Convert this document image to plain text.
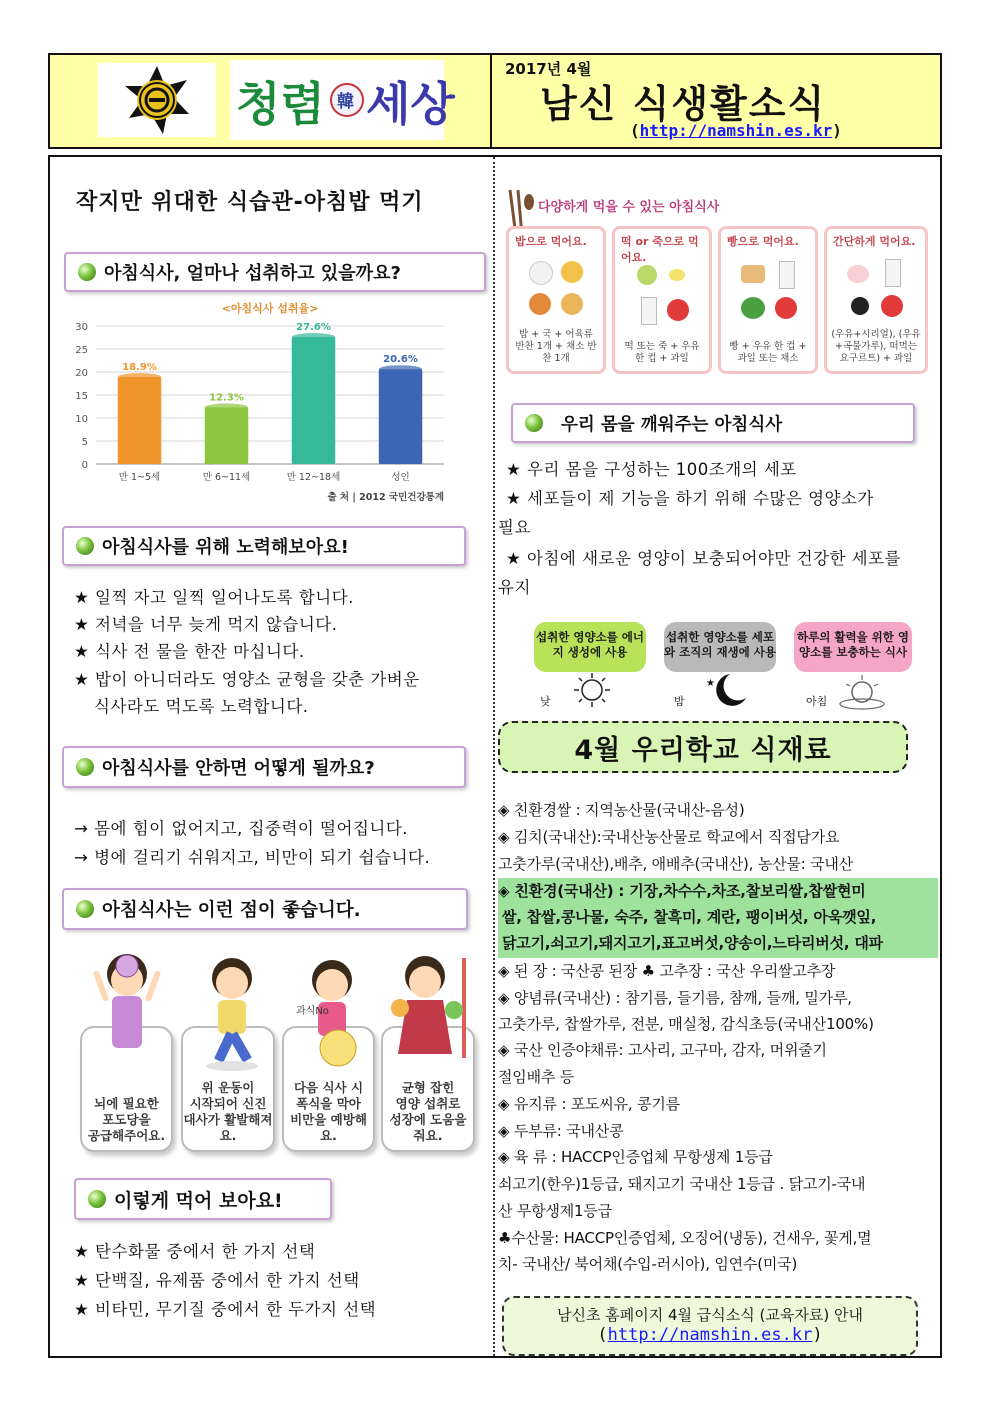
청렴 韓 세상
2017년 4월
남신 식생활소식
(http://namshin.es.kr)
작지만 위대한 식습관-아침밥 먹기
아침식사, 얼마나 섭취하고 있을까요?
<아침식사 섭취율>
0
5
10
15
20
25
30
18.9%
만 1~5세
12.3%
만 6~11세
27.6%
만 12~18세
20.6%
성인
출 처 | 2012 국민건강통계
아침식사를 위해 노력해보아요!
★ 일찍 자고 일찍 일어나도록 합니다.
★ 저녁을 너무 늦게 먹지 않습니다.
★ 식사 전 물을 한잔 마십니다.
★ 밥이 아니더라도 영양소 균형을 갖춘 가벼운
식사라도 먹도록 노력합니다.
아침식사를 안하면 어떻게 될까요?
→ 몸에 힘이 없어지고, 집중력이 떨어집니다.
→ 병에 걸리기 쉬워지고, 비만이 되기 쉽습니다.
아침식사는 이런 점이 좋습니다.
뇌에 필요한
포도당을
공급해주어요.
위 운동이
시작되어 신진
대사가 활발해져요.
다음 식사 시
폭식을 막아
비만을 예방해요.
균형 잡힌
영양 섭취로
성장에 도움을 줘요.
과식No
이렇게 먹어 보아요!
★ 탄수화물 중에서 한 가지 선택
★ 단백질, 유제품 중에서 한 가지 선택
★ 비타민, 무기질 중에서 한 두가지 선택
다양하게 먹을 수 있는 아침식사
밥으로 먹어요.
밥 + 국 + 어육류 반찬 1개 + 채소 반찬 1개
떡 or 죽으로 먹어요.
떡 또는 죽 + 우유 한 컵 + 과일
빵으로 먹어요.
빵 + 우유 한 컵 + 과일 또는 채소
간단하게 먹어요.
(우유+시리얼), (우유+곡물가루), 떠먹는 요구르트) + 과일
우리 몸을 깨워주는 아침식사
★ 우리 몸을 구성하는 100조개의 세포
★ 세포들이 제 기능을 하기 위해 수많은 영양소가
필요
★ 아침에 새로운 영양이 보충되어야만 건강한 세포를
유지
섭취한 영양소를 에너지 생성에 사용
섭취한 영양소를 세포와 조직의 재생에 사용
하루의 활력을 위한 영양소를 보충하는 식사
낮	밤	아침
★
4월 우리학교 식재료
◈ 친환경쌀 : 지역농산물(국내산-음성)
◈ 김치(국내산):국내산농산물로 학교에서 직접담가요
고춧가루(국내산),배추, 애배추(국내산), 농산물: 국내산
◈ 친환경(국내산) : 기장,차수수,차조,찰보리쌀,찹쌀현미
쌀, 찹쌀,콩나물, 숙주, 찰흑미, 계란, 팽이버섯, 아욱깻잎,
닭고기,쇠고기,돼지고기,표고버섯,양송이,느타리버섯, 대파
◈ 된 장 : 국산콩 된장 ♣ 고추장 : 국산 우리쌀고추장
◈ 양념류(국내산) : 참기름, 들기름, 참깨, 들깨, 밀가루,
고춧가루, 찹쌀가루, 전분, 매실청, 감식초등(국내산100%)
◈ 국산 인증야채류: 고사리, 고구마, 감자, 머위줄기
절임배추 등
◈ 유지류 : 포도씨유, 콩기름
◈ 두부류: 국내산콩
◈ 육 류 : HACCP인증업체 무항생제 1등급
쇠고기(한우)1등급, 돼지고기 국내산 1등급 . 닭고기-국내
산 무항생제1등급
♣수산물: HACCP인증업체, 오징어(냉동), 건새우, 꽃게,멸
치- 국내산/ 북어채(수입-러시아), 임연수(미국)
남신초 홈페이지 4월 급식소식 (교육자료) 안내
(http://namshin.es.kr)
